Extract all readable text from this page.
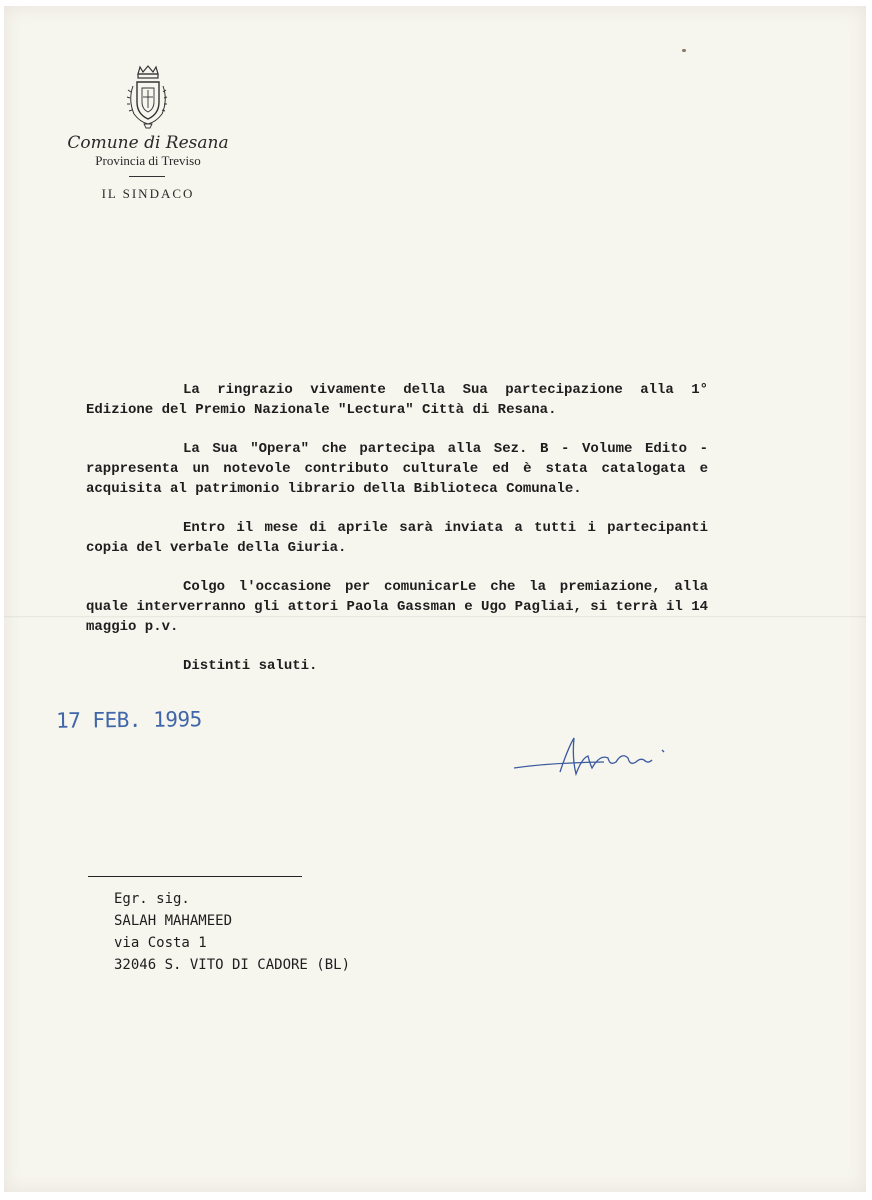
Comune di Resana
Provincia di Treviso
IL SINDACO

La ringrazio vivamente della Sua partecipazione alla 1° Edizione del Premio Nazionale "Lectura" Città di Resana.

La Sua "Opera" che partecipa alla Sez. B - Volume Edito - rappresenta un notevole contributo culturale ed è stata catalogata e acquisita al patrimonio librario della Biblioteca Comunale.

Entro il mese di aprile sarà inviata a tutti i partecipanti copia del verbale della Giuria.

Colgo l'occasione per comunicarLe che la premiazione, alla quale interverranno gli attori Paola Gassman e Ugo Pagliai, si terrà il 14 maggio p.v.

Distinti saluti.

17 FEB. 1995
Egr. sig.
SALAH MAHAMEED
via Costa 1
32046 S. VITO DI CADORE (BL)
